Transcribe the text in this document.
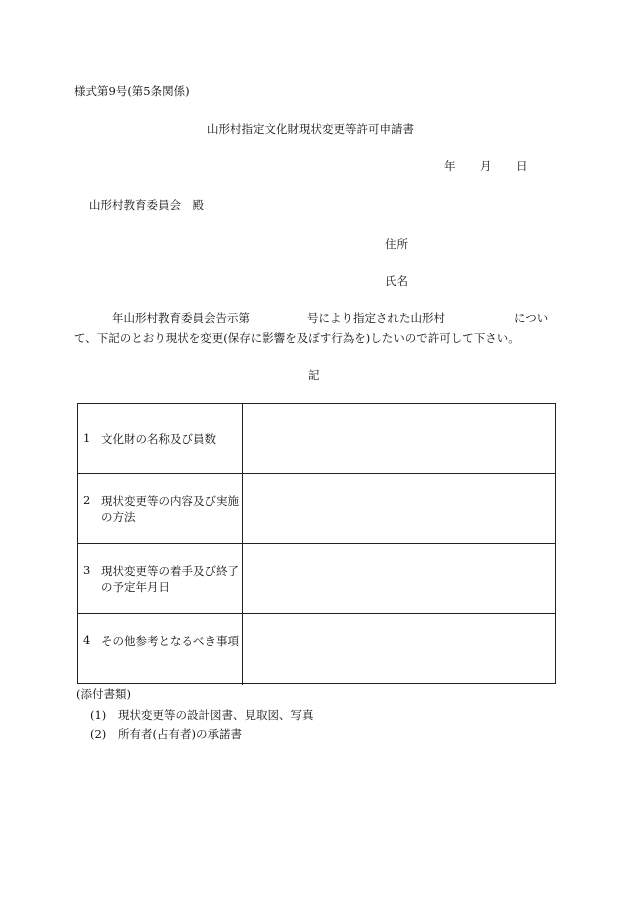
様式第9号(第5条関係)
山形村指定文化財現状変更等許可申請書
年 月 日
山形村教育委員会　殿
住所
氏名
年山形村教育委員会告示第	号により指定された山形村	につい
て、下記のとおり現状を変更(保存に影響を及ぼす行為を)したいので許可して下さい。
記
1 文化財の名称及び員数
2 現状変更等の内容及び実施の方法
3 現状変更等の着手及び終了の予定年月日
4 その他参考となるべき事項
(添付書類)
(1) 現状変更等の設計図書、見取図、写真
(2) 所有者(占有者)の承諾書
